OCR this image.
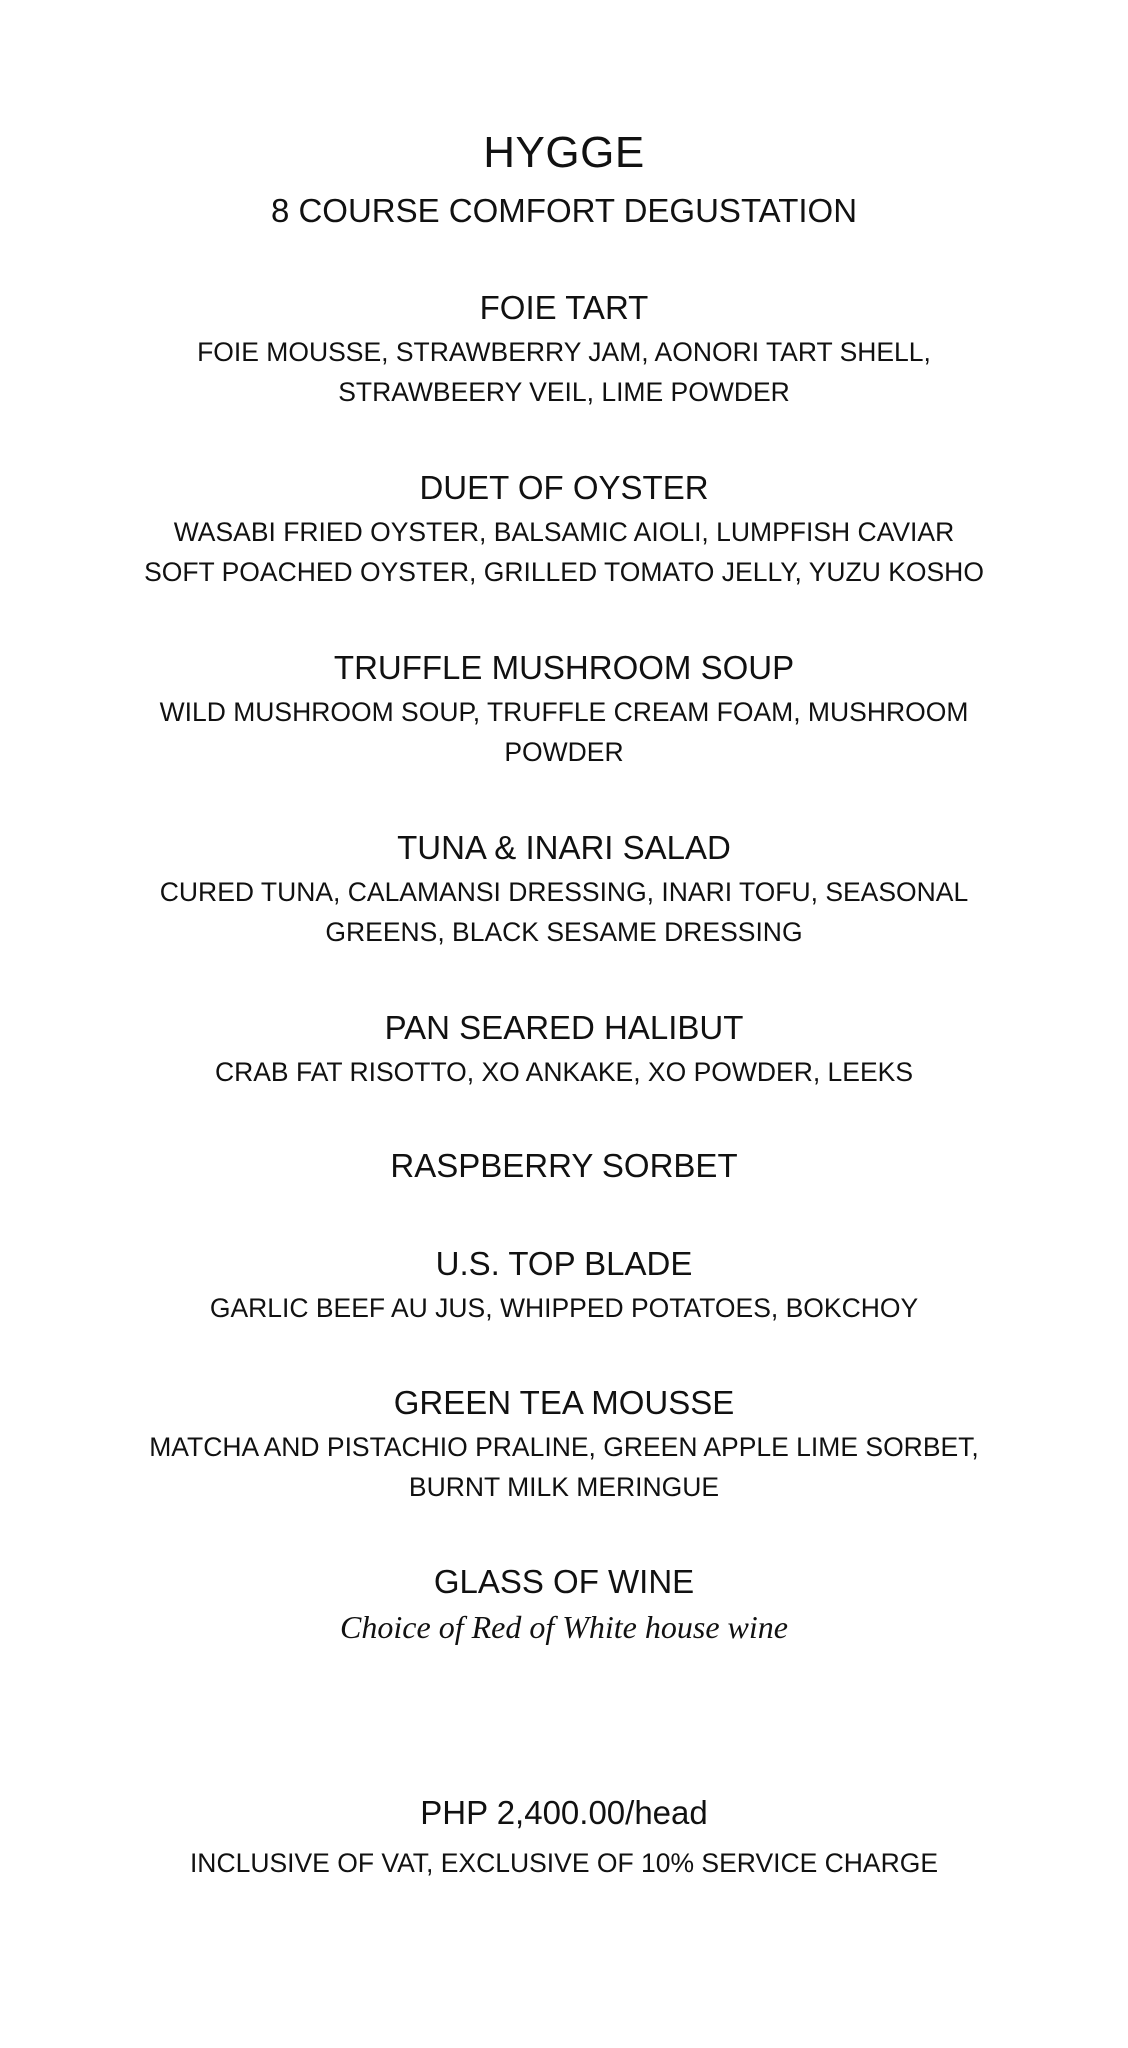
HYGGE
8 COURSE COMFORT DEGUSTATION
FOIE TART
FOIE MOUSSE, STRAWBERRY JAM, AONORI TART SHELL,
STRAWBEERY VEIL, LIME POWDER
DUET OF OYSTER
WASABI FRIED OYSTER, BALSAMIC AIOLI, LUMPFISH CAVIAR
SOFT POACHED OYSTER, GRILLED TOMATO JELLY, YUZU KOSHO
TRUFFLE MUSHROOM SOUP
WILD MUSHROOM SOUP, TRUFFLE CREAM FOAM, MUSHROOM
POWDER
TUNA & INARI SALAD
CURED TUNA, CALAMANSI DRESSING, INARI TOFU, SEASONAL
GREENS, BLACK SESAME DRESSING
PAN SEARED HALIBUT
CRAB FAT RISOTTO, XO ANKAKE, XO POWDER, LEEKS
RASPBERRY SORBET
U.S. TOP BLADE
GARLIC BEEF AU JUS, WHIPPED POTATOES, BOKCHOY
GREEN TEA MOUSSE
MATCHA AND PISTACHIO PRALINE, GREEN APPLE LIME SORBET,
BURNT MILK MERINGUE
GLASS OF WINE
Choice of Red of White house wine
PHP 2,400.00/head
INCLUSIVE OF VAT, EXCLUSIVE OF 10% SERVICE CHARGE
